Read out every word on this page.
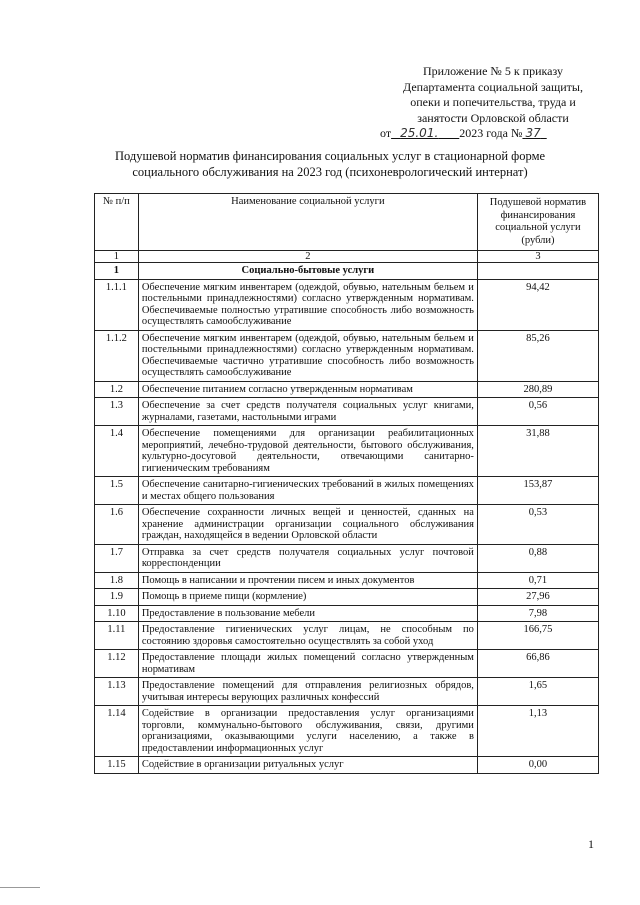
Приложение № 5 к приказу
Департамента социальной защиты,
опеки и попечительства, труда и
занятости Орловской области
от 25.01. 2023 года № 37
Подушевой норматив финансирования социальных услуг в стационарной форме
социального обслуживания на 2023 год (психоневрологический интернат)
№ п/п	Наименование социальной услуги	Подушевой норматив финансирования социальной услуги (рубли)
1	2	3
1	Социально-бытовые услуги	
1.1.1	Обеспечение мягким инвентарем (одеждой, обувью, нательным бельем и постельными принадлежностями) согласно утвержденным нормативам. Обеспечиваемые полностью утратившие способность либо возможность осуществлять самообслуживание	94,42
1.1.2	Обеспечение мягким инвентарем (одеждой, обувью, нательным бельем и постельными принадлежностями) согласно утвержденным нормативам. Обеспечиваемые частично утратившие способность либо возможность осуществлять самообслуживание	85,26
1.2	Обеспечение питанием согласно утвержденным нормативам	280,89
1.3	Обеспечение за счет средств получателя социальных услуг книгами, журналами, газетами, настольными играми	0,56
1.4	Обеспечение помещениями для организации реабилитационных мероприятий, лечебно-трудовой деятельности, бытового обслуживания, культурно-досуговой деятельности, отвечающими санитарно-гигиеническим требованиям	31,88
1.5	Обеспечение санитарно-гигиенических требований в жилых помещениях и местах общего пользования	153,87
1.6	Обеспечение сохранности личных вещей и ценностей, сданных на хранение администрации организации социального обслуживания граждан, находящейся в ведении Орловской области	0,53
1.7	Отправка за счет средств получателя социальных услуг почтовой корреспонденции	0,88
1.8	Помощь в написании и прочтении писем и иных документов	0,71
1.9	Помощь в приеме пищи (кормление)	27,96
1.10	Предоставление в пользование мебели	7,98
1.11	Предоставление гигиенических услуг лицам, не способным по состоянию здоровья самостоятельно осуществлять за собой уход	166,75
1.12	Предоставление площади жилых помещений согласно утвержденным нормативам	66,86
1.13	Предоставление помещений для отправления религиозных обрядов, учитывая интересы верующих различных конфессий	1,65
1.14	Содействие в организации предоставления услуг организациями торговли, коммунально-бытового обслуживания, связи, другими организациями, оказывающими услуги населению, а также в предоставлении информационных услуг	1,13
1.15	Содействие в организации ритуальных услуг	0,00
1
